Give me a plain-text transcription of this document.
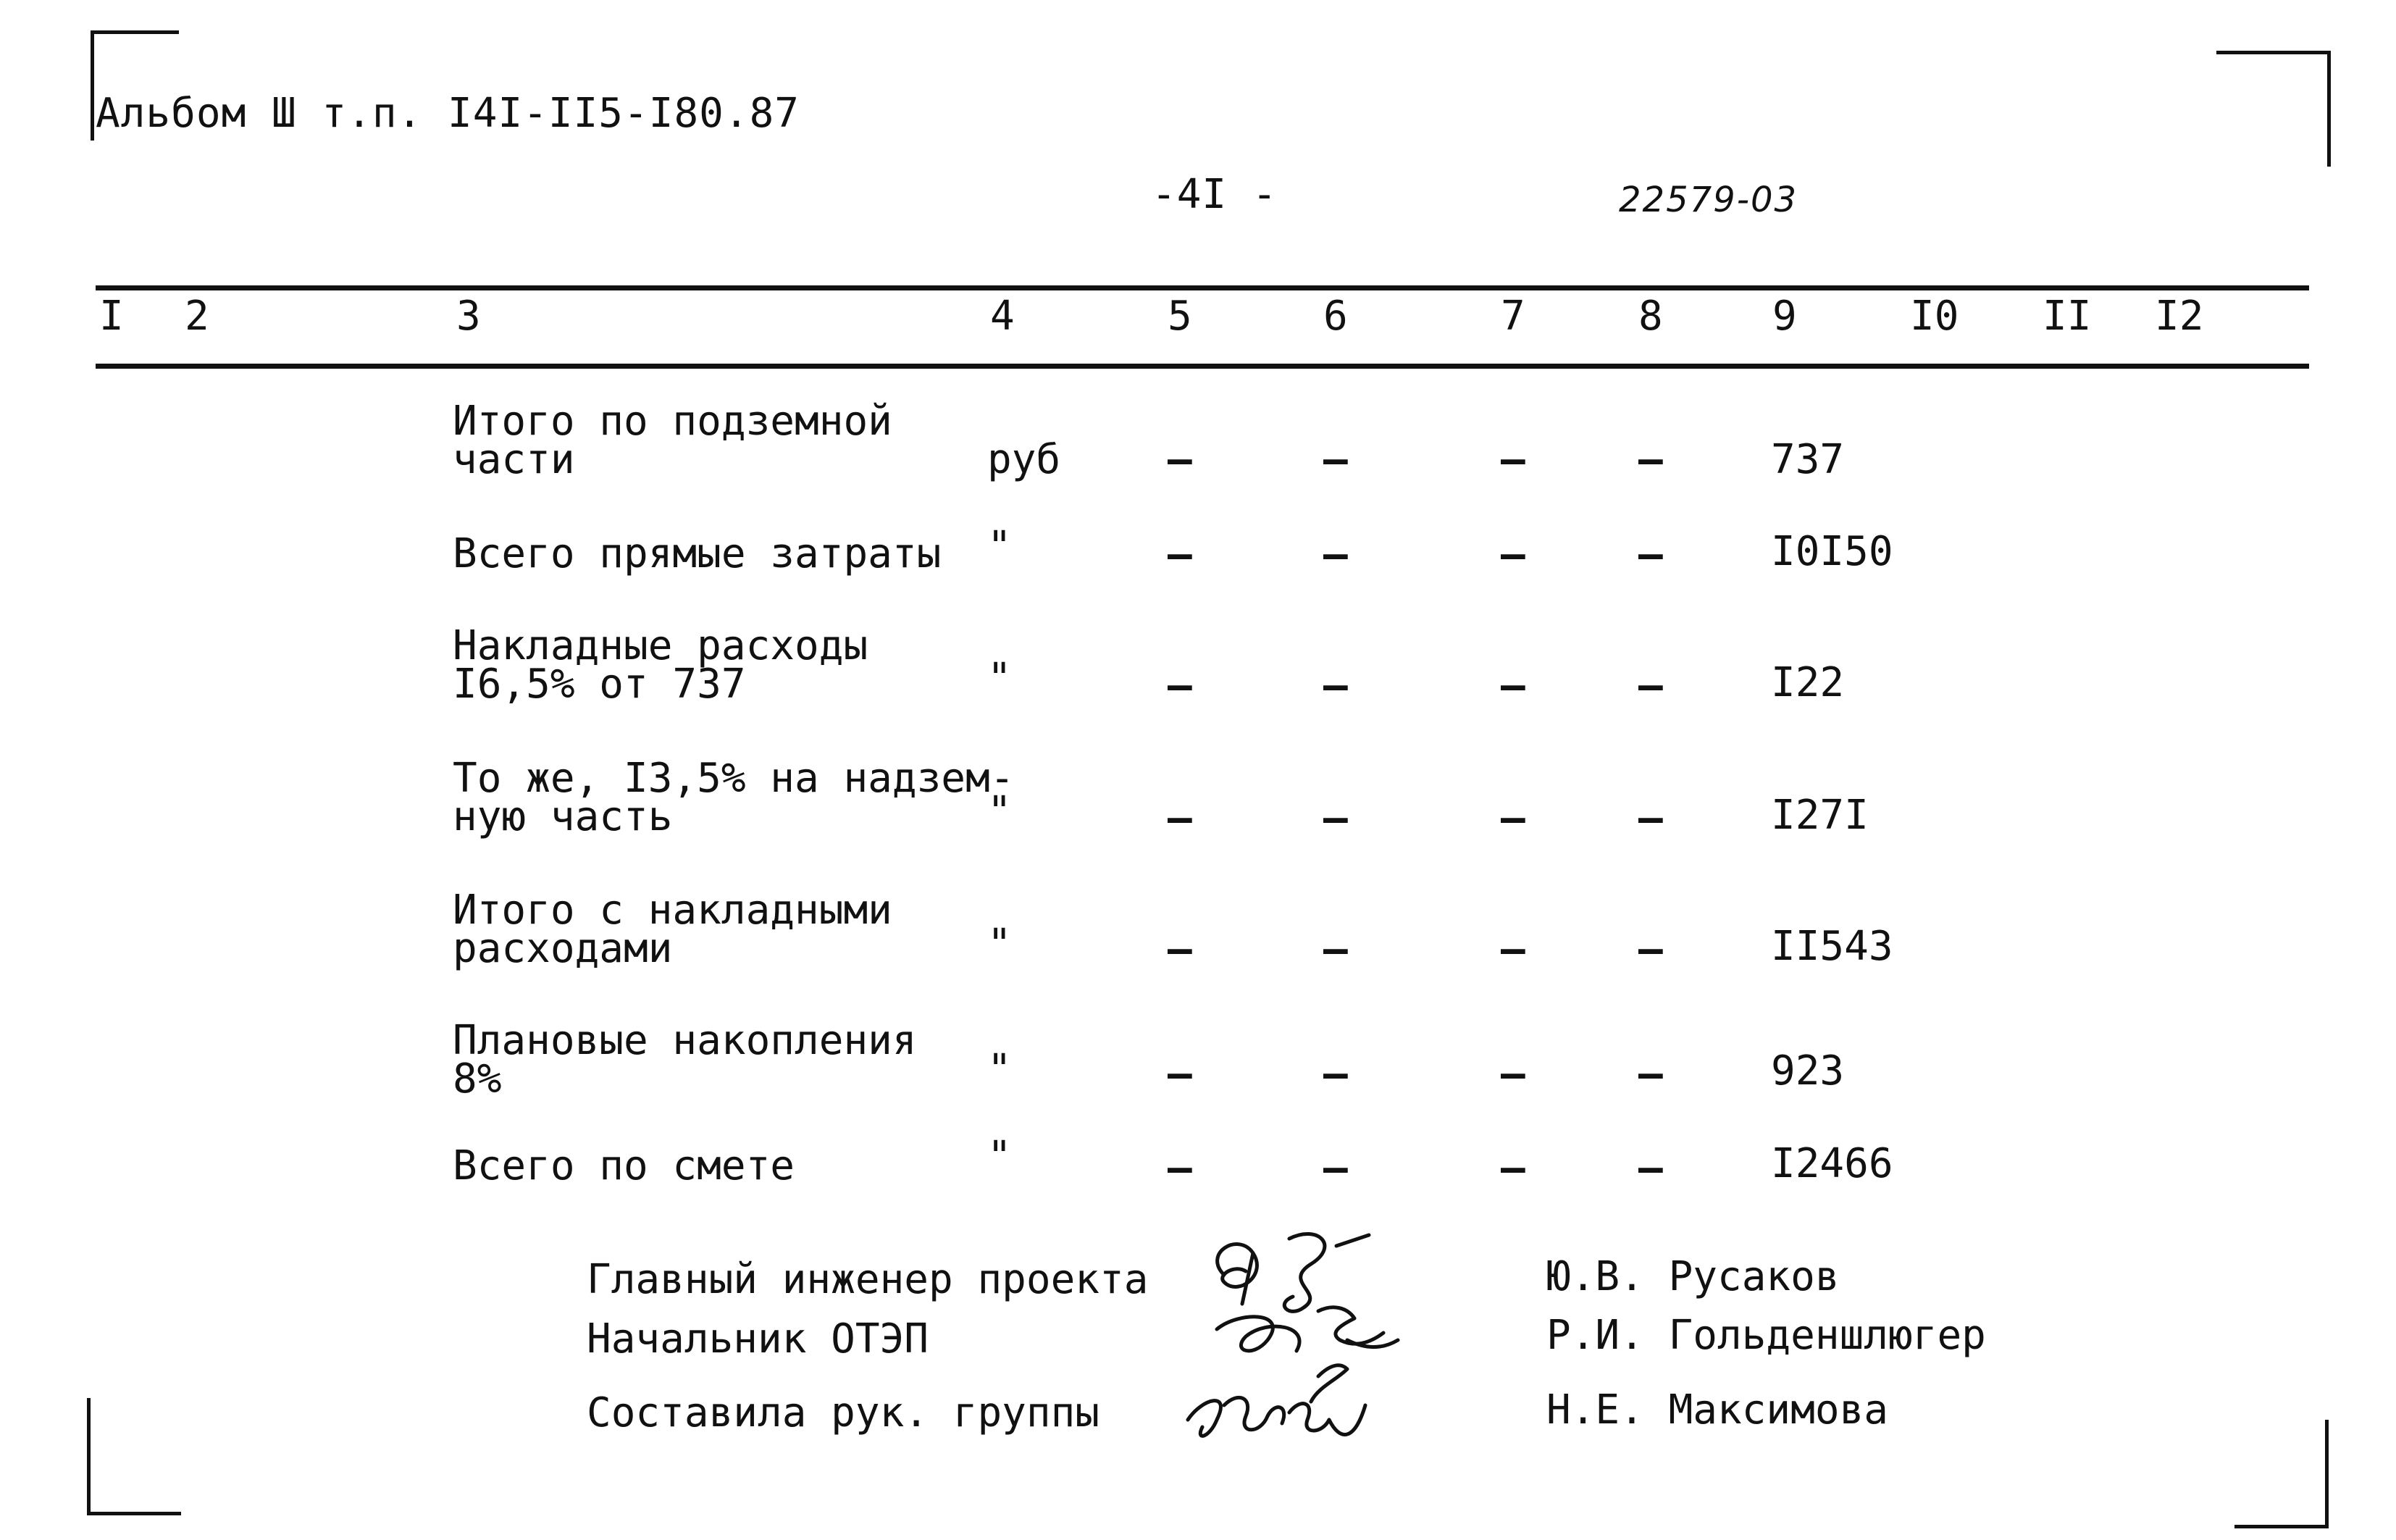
Альбом Ш т.п. I4I-II5-I80.87
-4I -	22579-03
I 2	3	4	5	6	7	8	9	I0 II I2
Итого по подземной
части	руб	–	–	–	–	737
Всего прямые затраты "	–	–	–	–	I0I50
Накладные расходы
I6,5% от 737	"	–	–	–	–	I22
То же, I3,5% на надзем-
ную часть	"	–	–	–	–	I27I
Итого с накладными
расходами	"	–	–	–	–	II543
Плановые накопления
8%	"	–	–	–	–	923
Всего по смете	"	–	–	–	–	I2466
Главный инженер проекта
Начальник ОТЭП
Составила рук. группы
Ю.В. Русаков
Р.И. Гольденшлюгер
Н.Е. Максимова
